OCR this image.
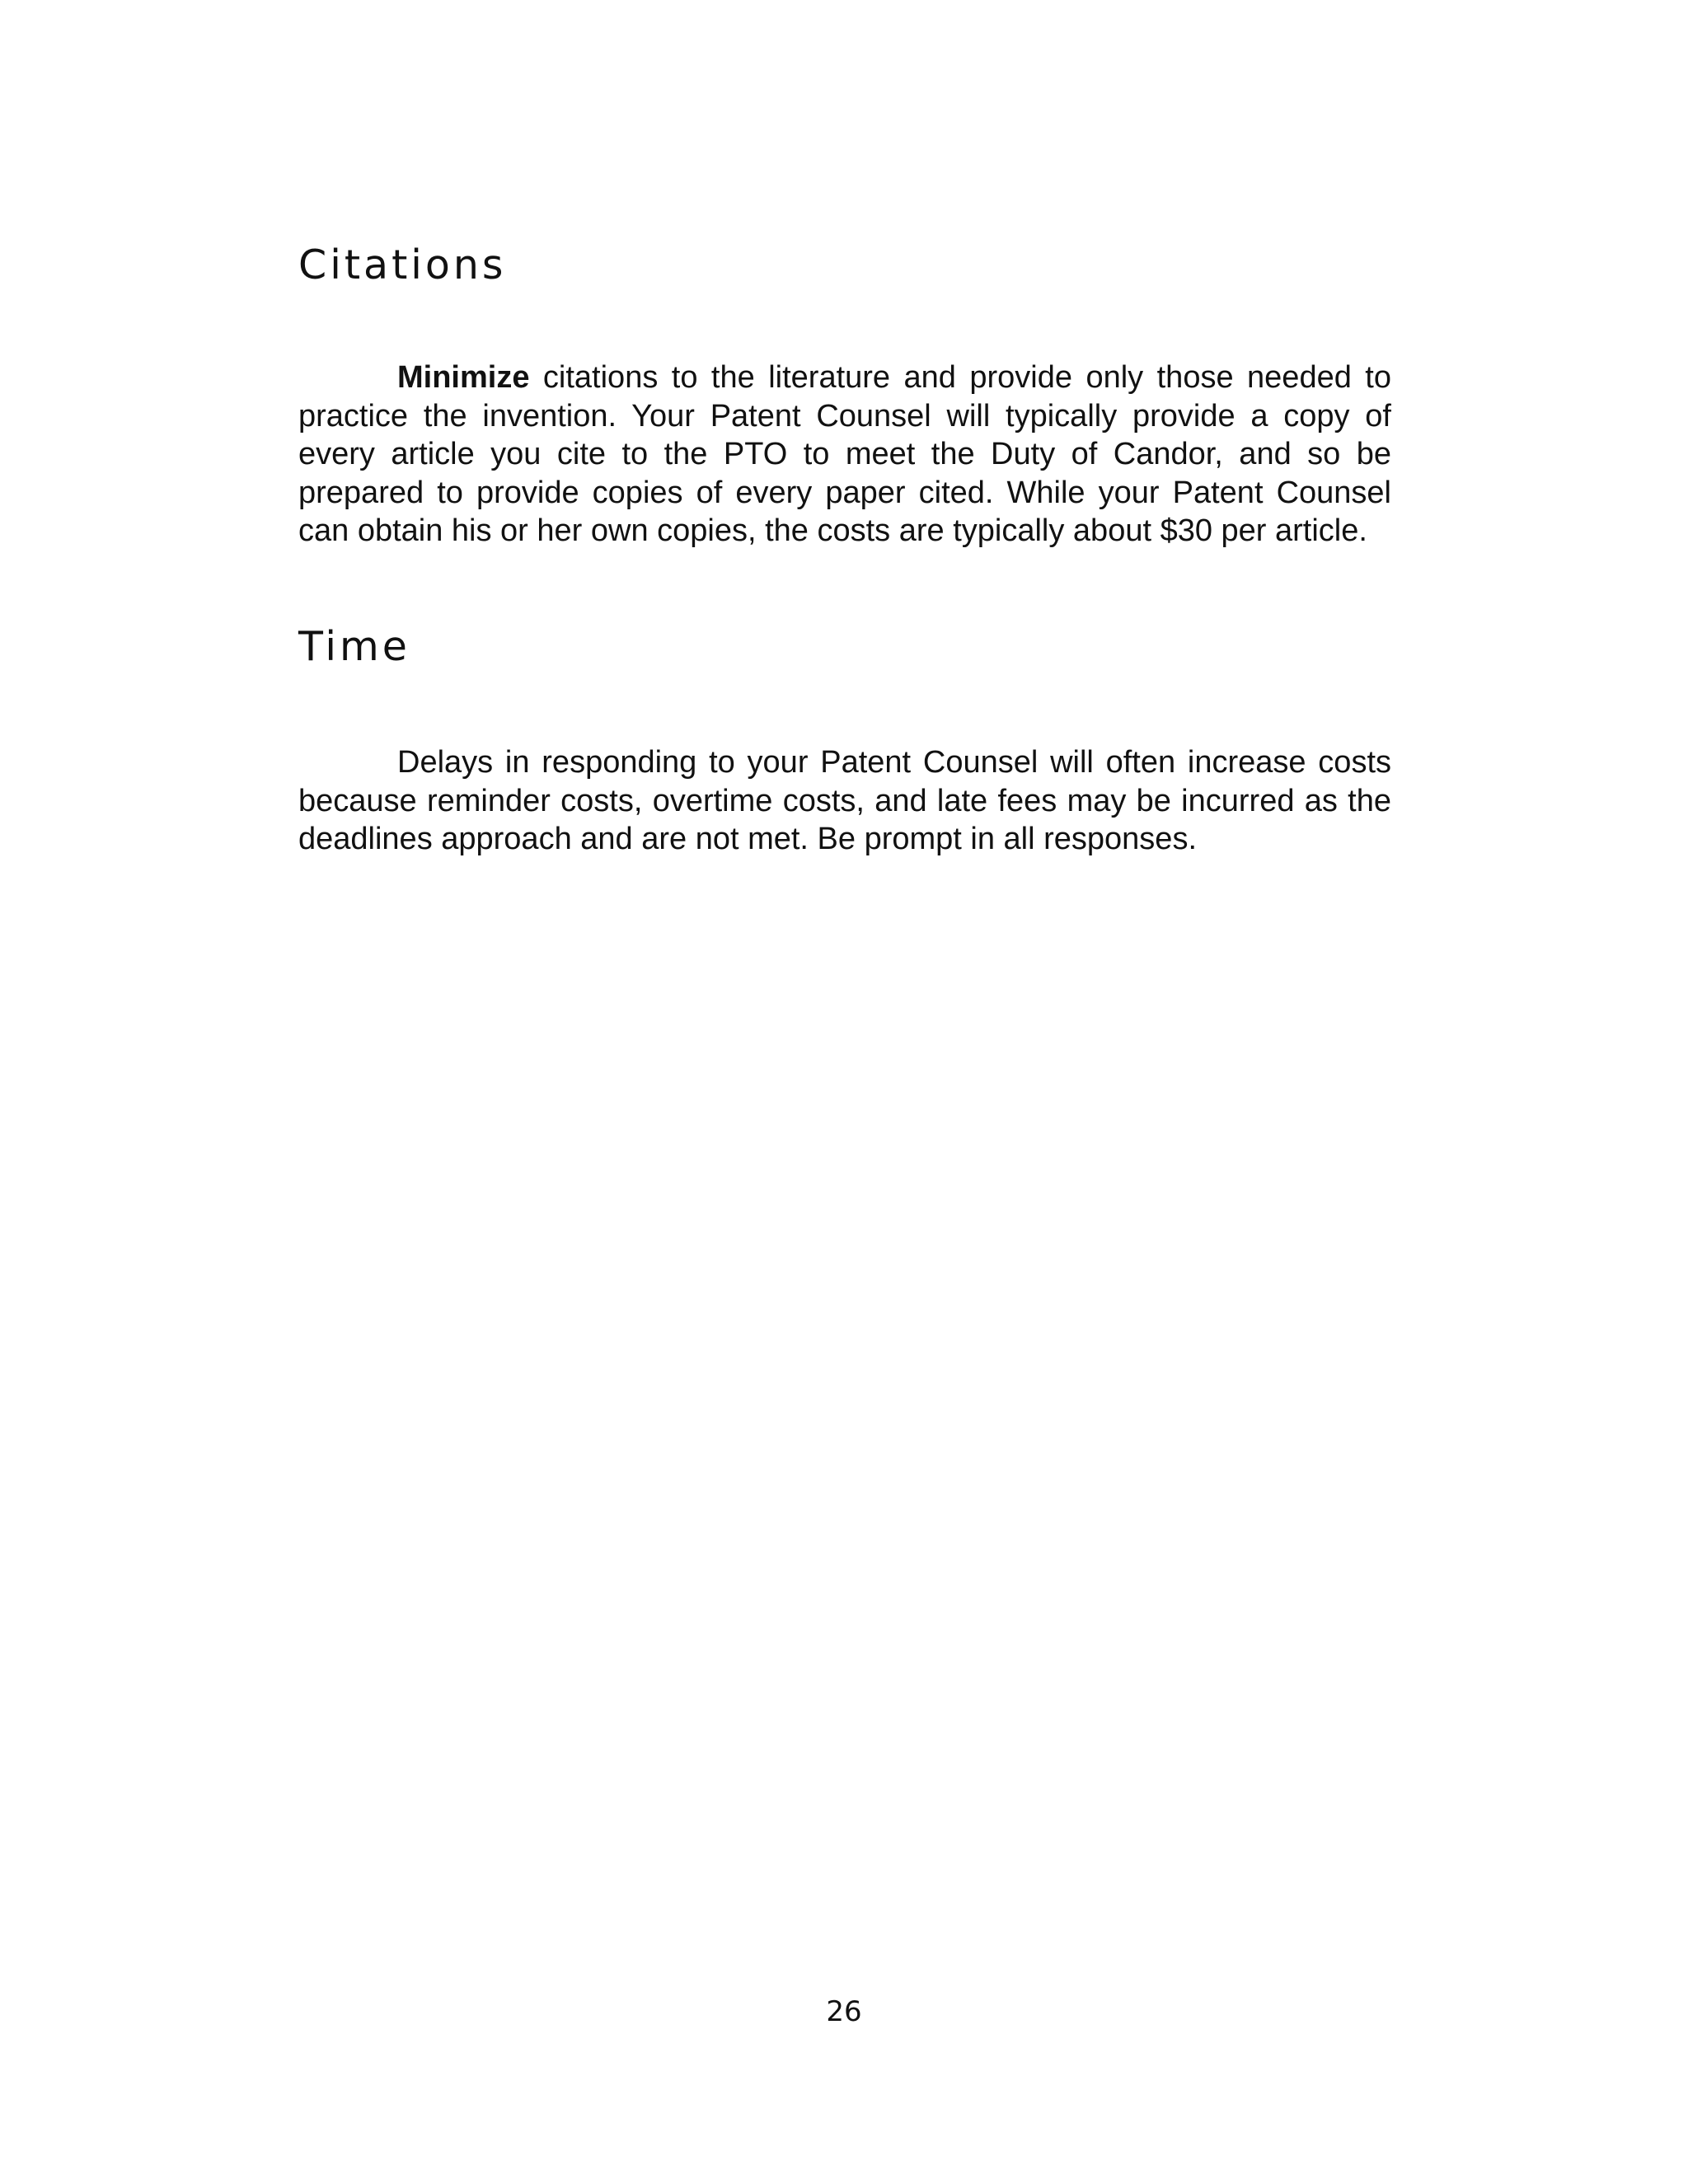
Citations

Minimize citations to the literature and provide only those needed to practice the invention. Your Patent Counsel will typically provide a copy of every article you cite to the PTO to meet the Duty of Candor, and so be prepared to provide copies of every paper cited. While your Patent Counsel can obtain his or her own copies, the costs are typically about $30 per article.

Time

Delays in responding to your Patent Counsel will often increase costs because reminder costs, overtime costs, and late fees may be incurred as the deadlines approach and are not met. Be prompt in all responses.

26
